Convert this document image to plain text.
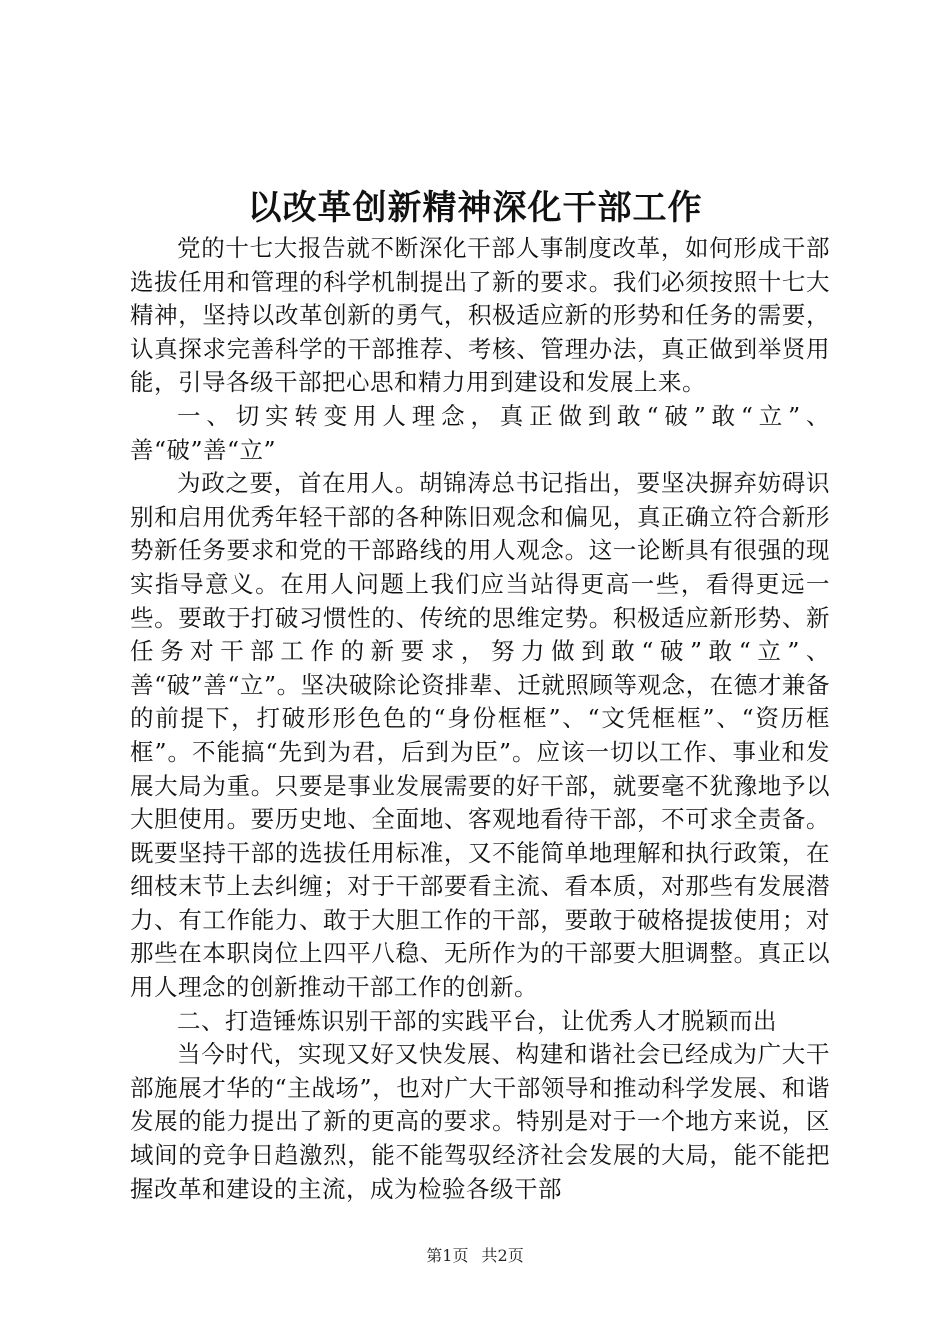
以改革创新精神深化干部工作

党的十七大报告就不断深化干部人事制度改革，如何形成干部选拔任用和管理的科学机制提出了新的要求。我们必须按照十七大精神，坚持以改革创新的勇气，积极适应新的形势和任务的需要，认真探求完善科学的干部推荐、考核、管理办法，真正做到举贤用能，引导各级干部把心思和精力用到建设和发展上来。

一、切实转变用人理念，真正做到敢“破”敢“立”、善“破”善“立”

为政之要，首在用人。胡锦涛总书记指出，要坚决摒弃妨碍识别和启用优秀年轻干部的各种陈旧观念和偏见，真正确立符合新形势新任务要求和党的干部路线的用人观念。这一论断具有很强的现实指导意义。在用人问题上我们应当站得更高一些，看得更远一些。要敢于打破习惯性的、传统的思维定势。积极适应新形势、新任务对干部工作的新要求，努力做到敢“破”敢“立”、善“破”善“立”。坚决破除论资排辈、迁就照顾等观念，在德才兼备的前提下，打破形形色色的“身份框框”、“文凭框框”、“资历框框”。不能搞“先到为君，后到为臣”。应该一切以工作、事业和发展大局为重。只要是事业发展需要的好干部，就要毫不犹豫地予以大胆使用。要历史地、全面地、客观地看待干部，不可求全责备。既要坚持干部的选拔任用标准，又不能简单地理解和执行政策，在细枝末节上去纠缠；对于干部要看主流、看本质，对那些有发展潜力、有工作能力、敢于大胆工作的干部，要敢于破格提拔使用；对那些在本职岗位上四平八稳、无所作为的干部要大胆调整。真正以用人理念的创新推动干部工作的创新。

二、打造锤炼识别干部的实践平台，让优秀人才脱颖而出

当今时代，实现又好又快发展、构建和谐社会已经成为广大干部施展才华的“主战场”，也对广大干部领导和推动科学发展、和谐发展的能力提出了新的更高的要求。特别是对于一个地方来说，区域间的竞争日趋激烈，能不能驾驭经济社会发展的大局，能不能把握改革和建设的主流，成为检验各级干部

第1页 共2页
